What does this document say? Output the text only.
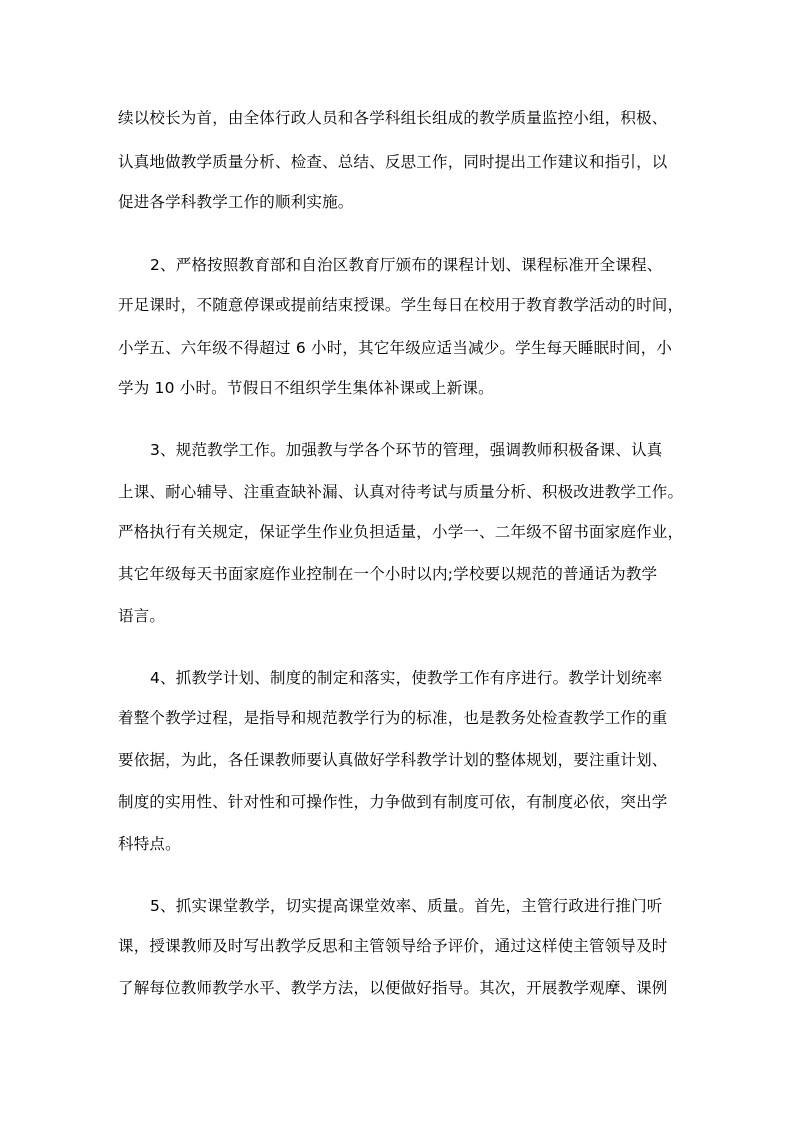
续以校长为首，由全体行政人员和各学科组长组成的教学质量监控小组，积极、
认真地做教学质量分析、检查、总结、反思工作，同时提出工作建议和指引，以
促进各学科教学工作的顺利实施。
2、严格按照教育部和自治区教育厅颁布的课程计划、课程标准开全课程、
开足课时，不随意停课或提前结束授课。学生每日在校用于教育教学活动的时间，
小学五、六年级不得超过 6 小时，其它年级应适当减少。学生每天睡眠时间，小
学为 10 小时。节假日不组织学生集体补课或上新课。
3、规范教学工作。加强教与学各个环节的管理，强调教师积极备课、认真
上课、耐心辅导、注重查缺补漏、认真对待考试与质量分析、积极改进教学工作。
严格执行有关规定，保证学生作业负担适量，小学一、二年级不留书面家庭作业，
其它年级每天书面家庭作业控制在一个小时以内;学校要以规范的普通话为教学
语言。
4、抓教学计划、制度的制定和落实，使教学工作有序进行。教学计划统率
着整个教学过程，是指导和规范教学行为的标准，也是教务处检查教学工作的重
要依据，为此，各任课教师要认真做好学科教学计划的整体规划，要注重计划、
制度的实用性、针对性和可操作性，力争做到有制度可依，有制度必依，突出学
科特点。
5、抓实课堂教学，切实提高课堂效率、质量。首先，主管行政进行推门听
课，授课教师及时写出教学反思和主管领导给予评价，通过这样使主管领导及时
了解每位教师教学水平、教学方法，以便做好指导。其次，开展教学观摩、课例
